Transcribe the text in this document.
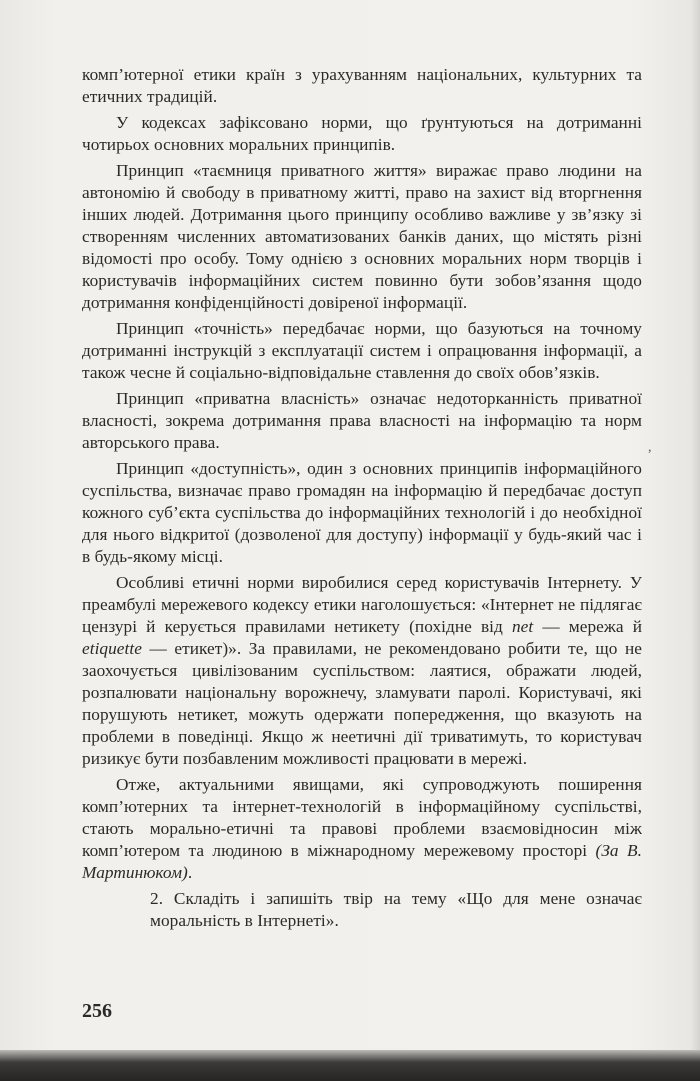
комп’ютерної етики країн з урахуванням національних, культурних та етичних традицій.

У кодексах зафіксовано норми, що ґрунтуються на дотриманні чотирьох основних моральних принципів.

Принцип «таємниця приватного життя» виражає право людини на автономію й свободу в приватному житті, право на захист від вторгнення інших людей. Дотримання цього принципу особливо важливе у зв’язку зі створенням численних автоматизованих банків даних, що містять різні відомості про особу. Тому однією з основних моральних норм творців і користувачів інформаційних систем повинно бути зобов’язання щодо дотримання конфіденційності довіреної інформації.

Принцип «точність» передбачає норми, що базуються на точному дотриманні інструкцій з експлуатації систем і опрацювання інформації, а також чесне й соціально-відповідальне ставлення до своїх обов’язків.

Принцип «приватна власність» означає недоторканність приватної власності, зокрема дотримання права власності на інформацію та норм авторського права.

Принцип «доступність», один з основних принципів інформаційного суспільства, визначає право громадян на інформацію й передбачає доступ кожного суб’єкта суспільства до інформаційних технологій і до необхідної для нього відкритої (дозволеної для доступу) інформації у будь-який час і в будь-якому місці.

Особливі етичні норми виробилися серед користувачів Інтернету. У преамбулі мережевого кодексу етики наголошується: «Інтернет не підлягає цензурі й керується правилами нетикету (похідне від net — мережа й etiquette — етикет)». За правилами, не рекомендовано робити те, що не заохочується цивілізованим суспільством: лаятися, ображати людей, розпалювати національну ворожнечу, зламувати паролі. Користувачі, які порушують нетикет, можуть одержати попередження, що вказують на проблеми в поведінці. Якщо ж неетичні дії триватимуть, то користувач ризикує бути позбавленим можливості працювати в мережі.

Отже, актуальними явищами, які супроводжують поширення комп’ютерних та інтернет-технологій в інформаційному суспільстві, стають морально-етичні та правові проблеми взаємовідносин між комп’ютером та людиною в міжнародному мережевому просторі (За В. Мартинюком).

2. Складіть і запишіть твір на тему «Що для мене означає моральність в Інтернеті».

,
256
